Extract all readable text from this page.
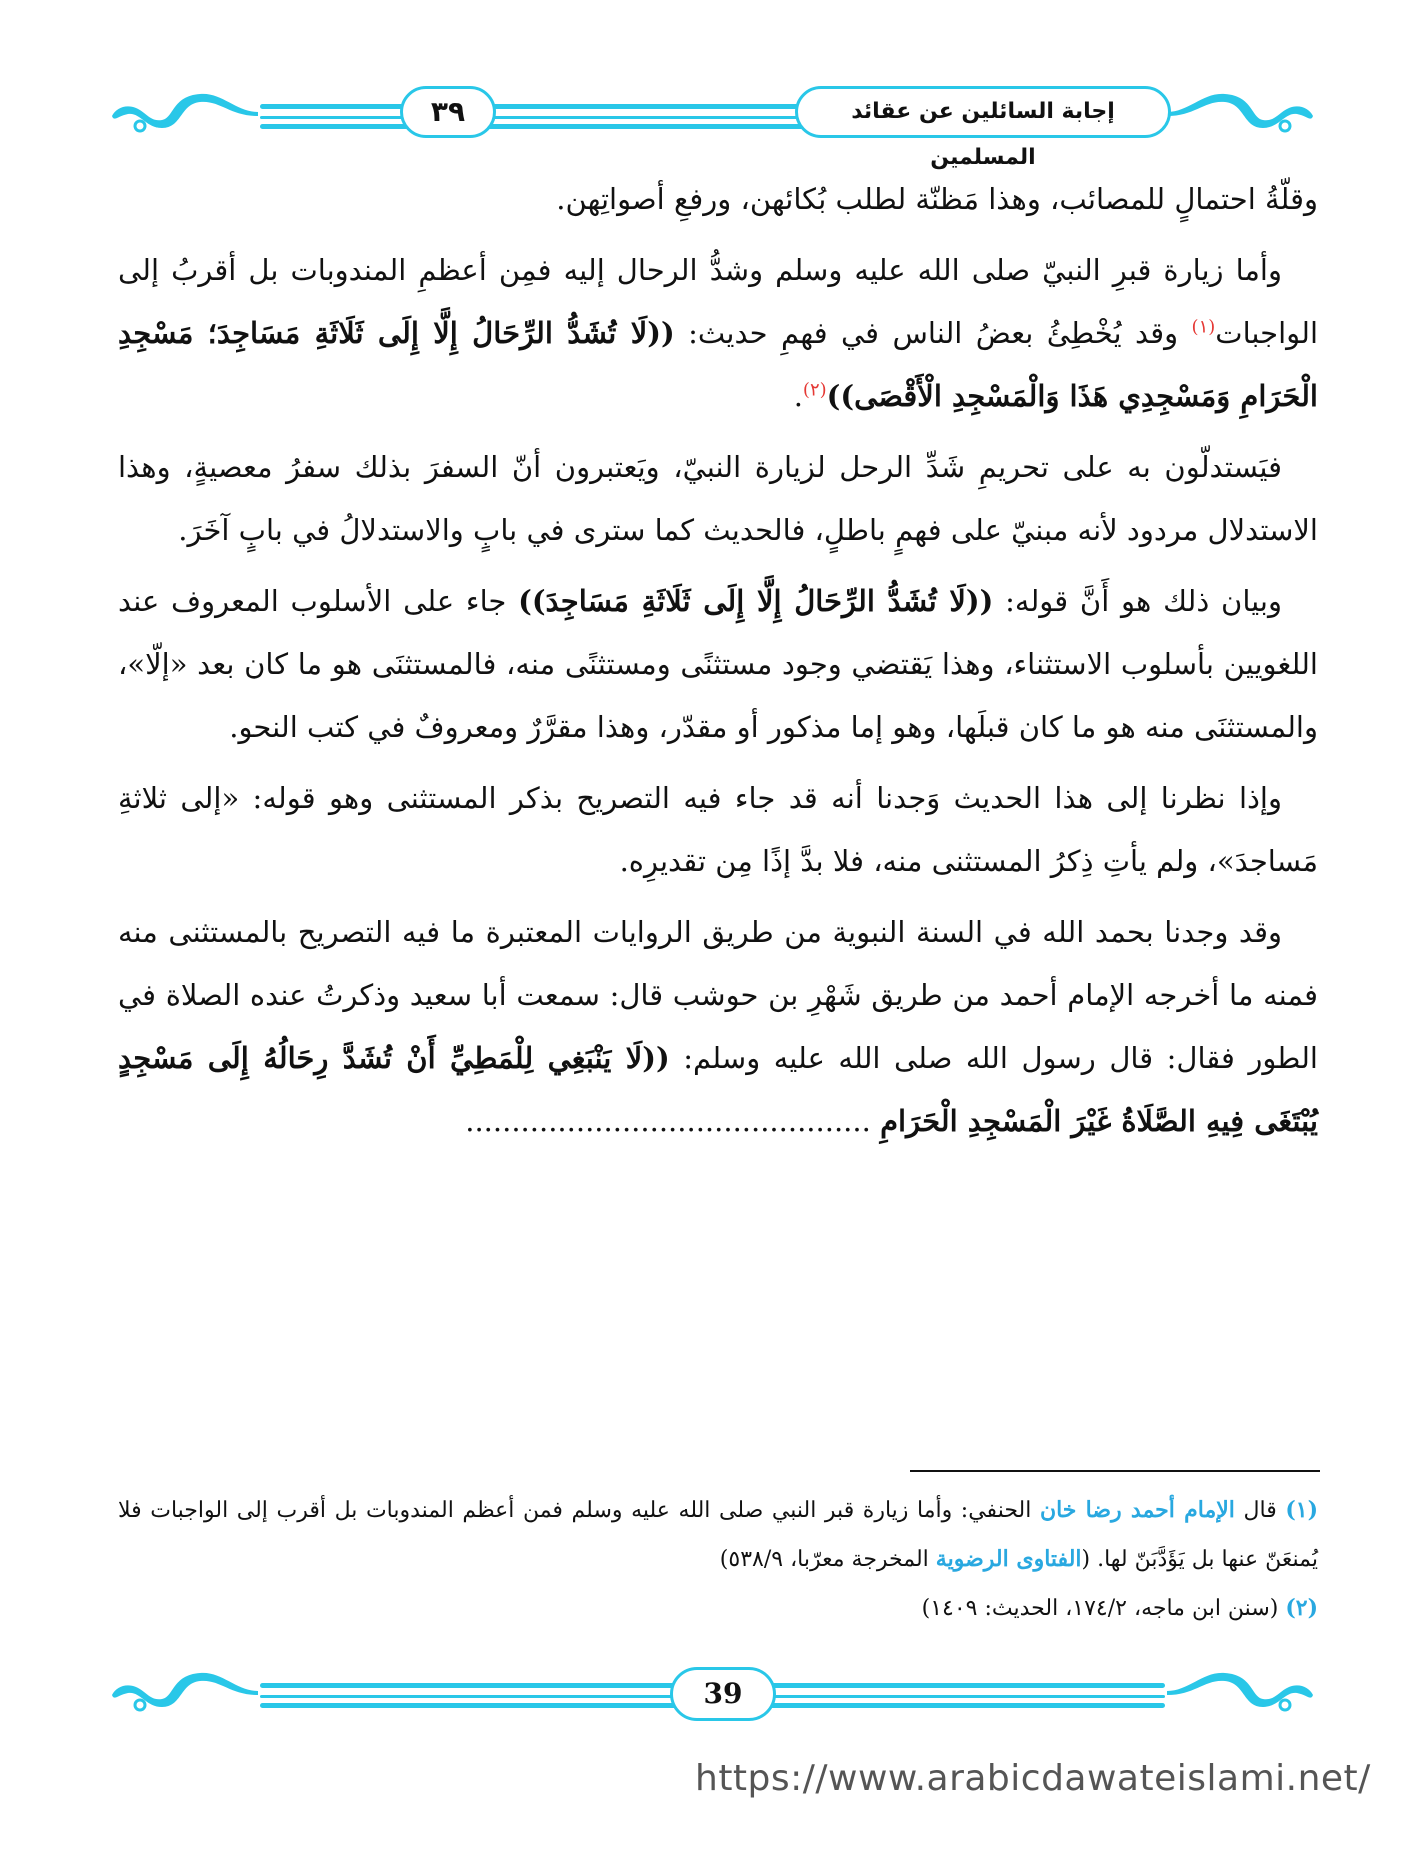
٣٩	إجابة السائلين عن عقائد المسلمين

وقلّةُ احتمالٍ للمصائب، وهذا مَظنّة لطلب بُكائهن، ورفعِ أصواتِهن.

وأما زيارة قبرِ النبيّ صلى الله عليه وسلم وشدُّ الرحال إليه فمِن أعظمِ المندوبات بل أقربُ إلى الواجبات$^{(١)}$ وقد يُخْطِئُ بعضُ الناس في فهمِ حديث: ((لَا تُشَدُّ الرِّحَالُ إِلَّا إِلَى ثَلَاثَةِ مَسَاجِدَ؛ مَسْجِدِ الْحَرَامِ وَمَسْجِدِي هَذَا وَالْمَسْجِدِ الْأَقْصَى))$^{(٢)}$.

فيَستدلّون به على تحريمِ شَدِّ الرحل لزيارة النبيّ، ويَعتبرون أنّ السفرَ بذلك سفرُ معصيةٍ، وهذا الاستدلال مردود لأنه مبنيّ على فهمٍ باطلٍ، فالحديث كما سترى في بابٍ والاستدلالُ في بابٍ آخَرَ.

وبيان ذلك هو أَنَّ قوله: ((لَا تُشَدُّ الرِّحَالُ إِلَّا إِلَى ثَلَاثَةِ مَسَاجِدَ)) جاء على الأسلوب المعروف عند اللغويين بأسلوب الاستثناء، وهذا يَقتضي وجود مستثنًى ومستثنًى منه، فالمستثنَى هو ما كان بعد «إلّا»، والمستثنَى منه هو ما كان قبلَها، وهو إما مذكور أو مقدّر، وهذا مقرَّرٌ ومعروفٌ في كتب النحو.

وإذا نظرنا إلى هذا الحديث وَجدنا أنه قد جاء فيه التصريح بذكر المستثنى وهو قوله: «إلى ثلاثةِ مَساجدَ»، ولم يأتِ ذِكرُ المستثنى منه، فلا بدَّ إذًا مِن تقديرِه.

وقد وجدنا بحمد الله في السنة النبوية من طريق الروايات المعتبرة ما فيه التصريح بالمستثنى منه فمنه ما أخرجه الإمام أحمد من طريق شَهْرِ بن حوشب قال: سمعت أبا سعيد وذكرتُ عنده الصلاة في الطور فقال: قال رسول الله صلى الله عليه وسلم: ((لَا يَنْبَغِي لِلْمَطِيِّ أَنْ تُشَدَّ رِحَالُهُ إِلَى مَسْجِدٍ يُبْتَغَى فِيهِ الصَّلَاةُ غَيْرَ الْمَسْجِدِ الْحَرَامِ ............................................

(١) قال الإمام أحمد رضا خان الحنفي: وأما زيارة قبر النبي صلى الله عليه وسلم فمن أعظم المندوبات بل أقرب إلى الواجبات فلا يُمنعَنّ عنها بل يَؤَدَّبَنّ لها. (الفتاوى الرضوية المخرجة معرّبا، ٥٣٨/٩)

(٢) (سنن ابن ماجه، ١٧٤/٢، الحديث: ١٤٠٩)

39
https://www.arabicdawateislami.net/
